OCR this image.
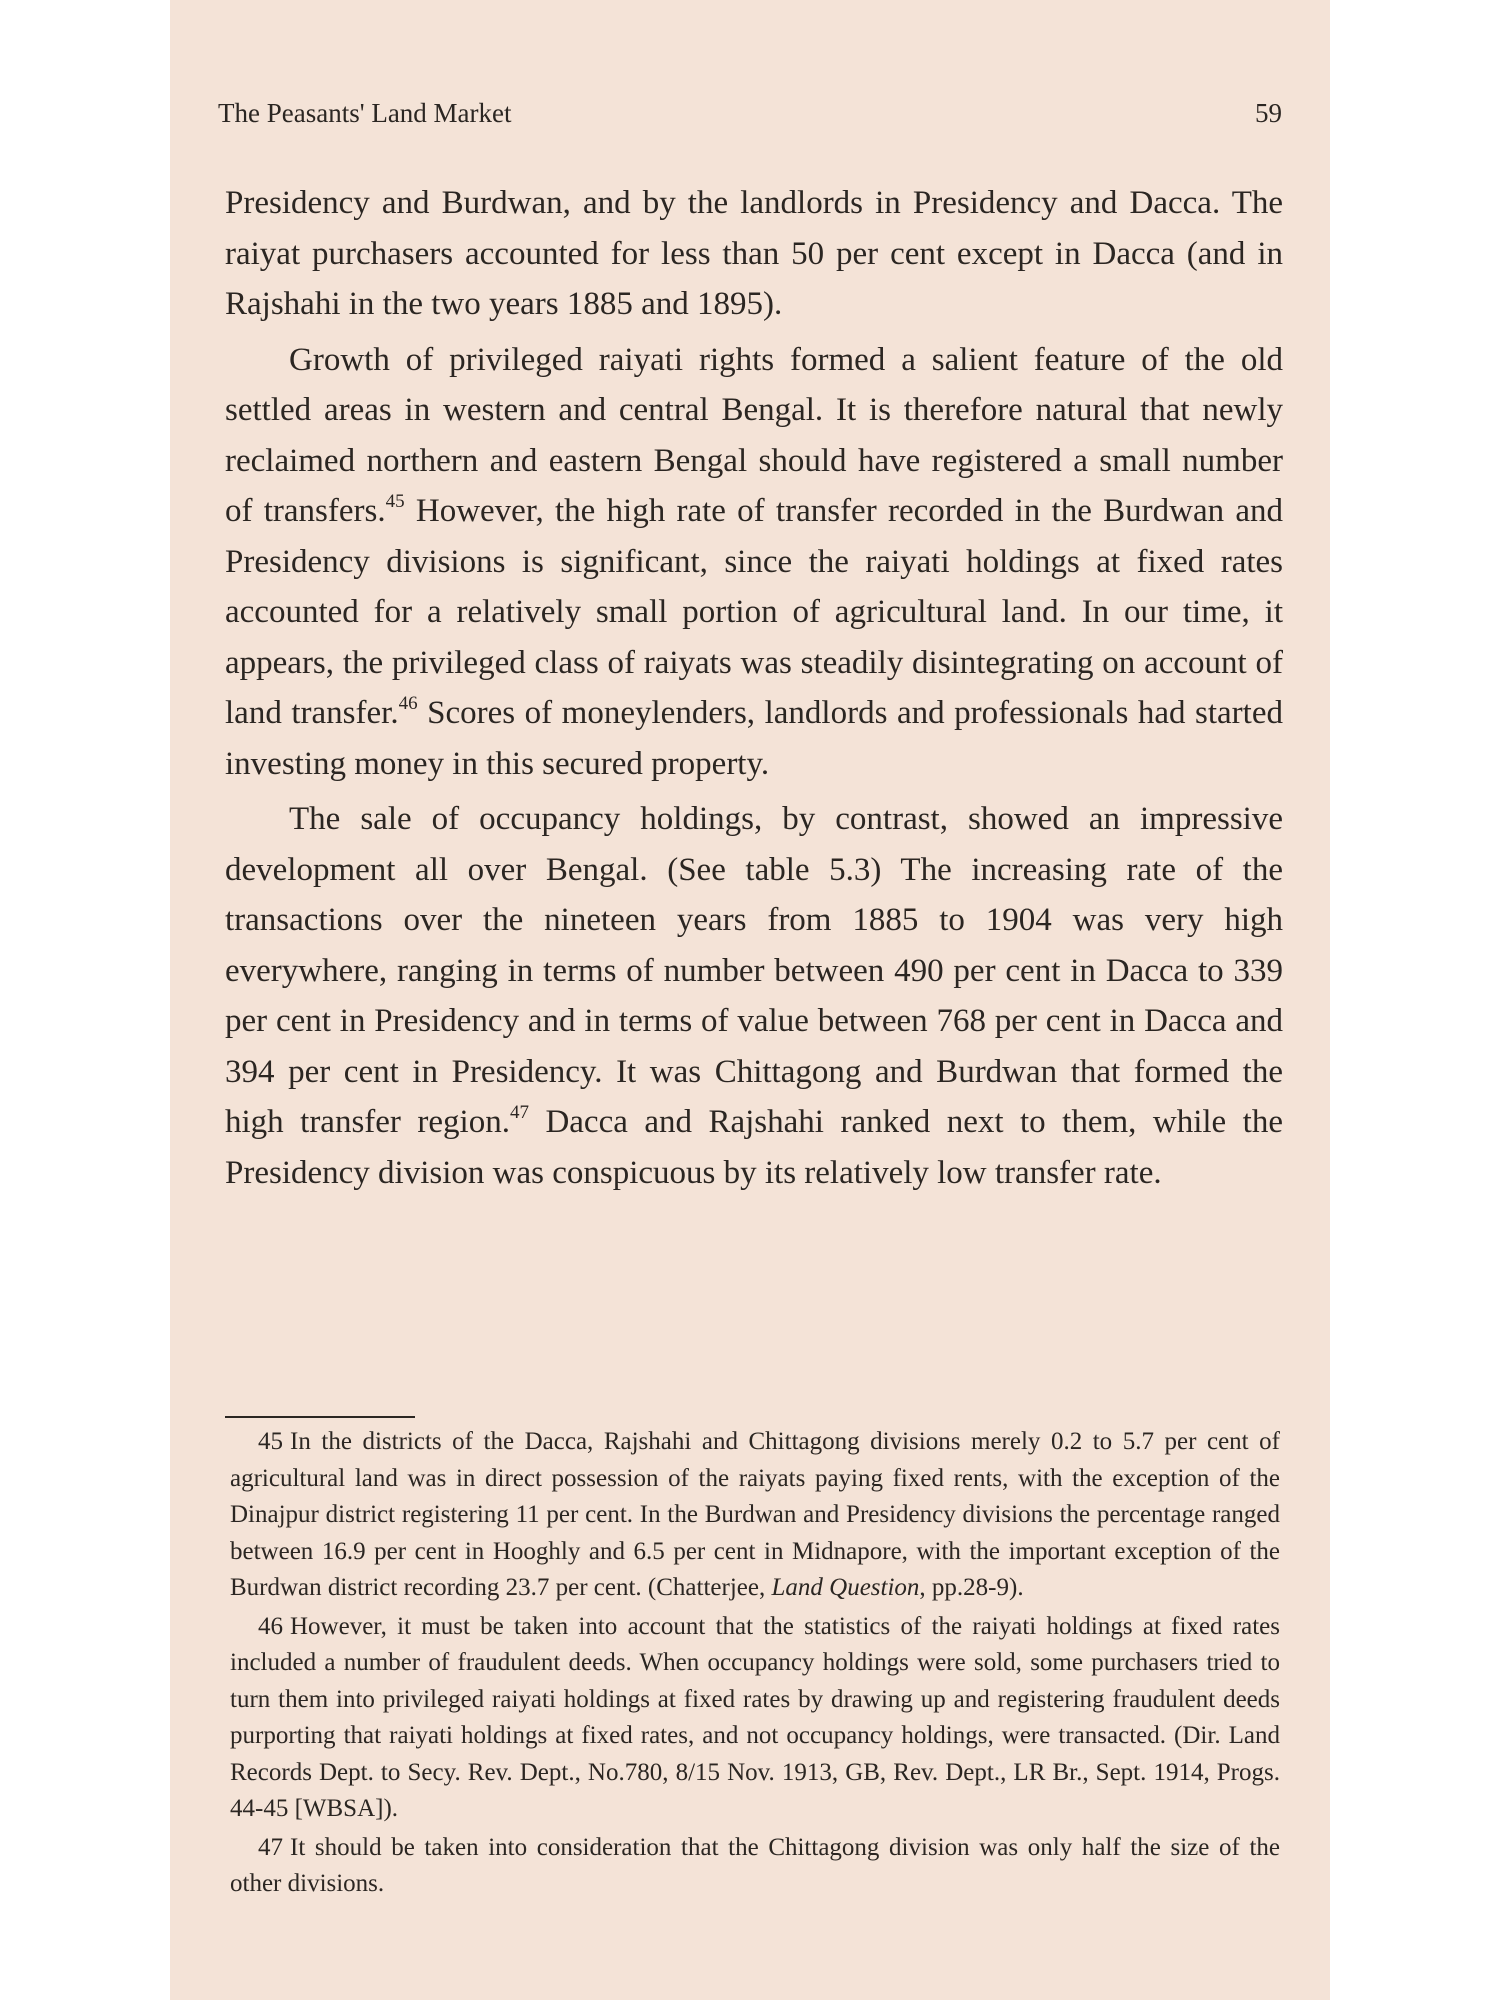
The Peasants' Land Market	59

Presidency and Burdwan, and by the landlords in Presidency and Dacca. The raiyat purchasers accounted for less than 50 per cent except in Dacca (and in Rajshahi in the two years 1885 and 1895).

Growth of privileged raiyati rights formed a salient feature of the old settled areas in western and central Bengal. It is therefore natural that newly reclaimed northern and eastern Bengal should have registered a small number of transfers.$^{45}$ However, the high rate of transfer recorded in the Burdwan and Presidency divisions is significant, since the raiyati holdings at fixed rates accounted for a relatively small portion of agricultural land. In our time, it appears, the privileged class of raiyats was steadily disintegrating on account of land transfer.$^{46}$ Scores of moneylenders, landlords and professionals had started investing money in this secured property.

The sale of occupancy holdings, by contrast, showed an impressive development all over Bengal. (See table 5.3) The increasing rate of the transactions over the nineteen years from 1885 to 1904 was very high everywhere, ranging in terms of number between 490 per cent in Dacca to 339 per cent in Presidency and in terms of value between 768 per cent in Dacca and 394 per cent in Presidency. It was Chittagong and Burdwan that formed the high transfer region.$^{47}$ Dacca and Rajshahi ranked next to them, while the Presidency division was conspicuous by its relatively low transfer rate.

45 In the districts of the Dacca, Rajshahi and Chittagong divisions merely 0.2 to 5.7 per cent of agricultural land was in direct possession of the raiyats paying fixed rents, with the exception of the Dinajpur district registering 11 per cent. In the Burdwan and Presidency divisions the percentage ranged between 16.9 per cent in Hooghly and 6.5 per cent in Midnapore, with the important exception of the Burdwan district recording 23.7 per cent. (Chatterjee, Land Question, pp.28-9).

46 However, it must be taken into account that the statistics of the raiyati holdings at fixed rates included a number of fraudulent deeds. When occupancy holdings were sold, some purchasers tried to turn them into privileged raiyati holdings at fixed rates by drawing up and registering fraudulent deeds purporting that raiyati holdings at fixed rates, and not occupancy holdings, were transacted. (Dir. Land Records Dept. to Secy. Rev. Dept., No.780, 8/15 Nov. 1913, GB, Rev. Dept., LR Br., Sept. 1914, Progs. 44-45 [WBSA]).

47 It should be taken into consideration that the Chittagong division was only half the size of the other divisions.
